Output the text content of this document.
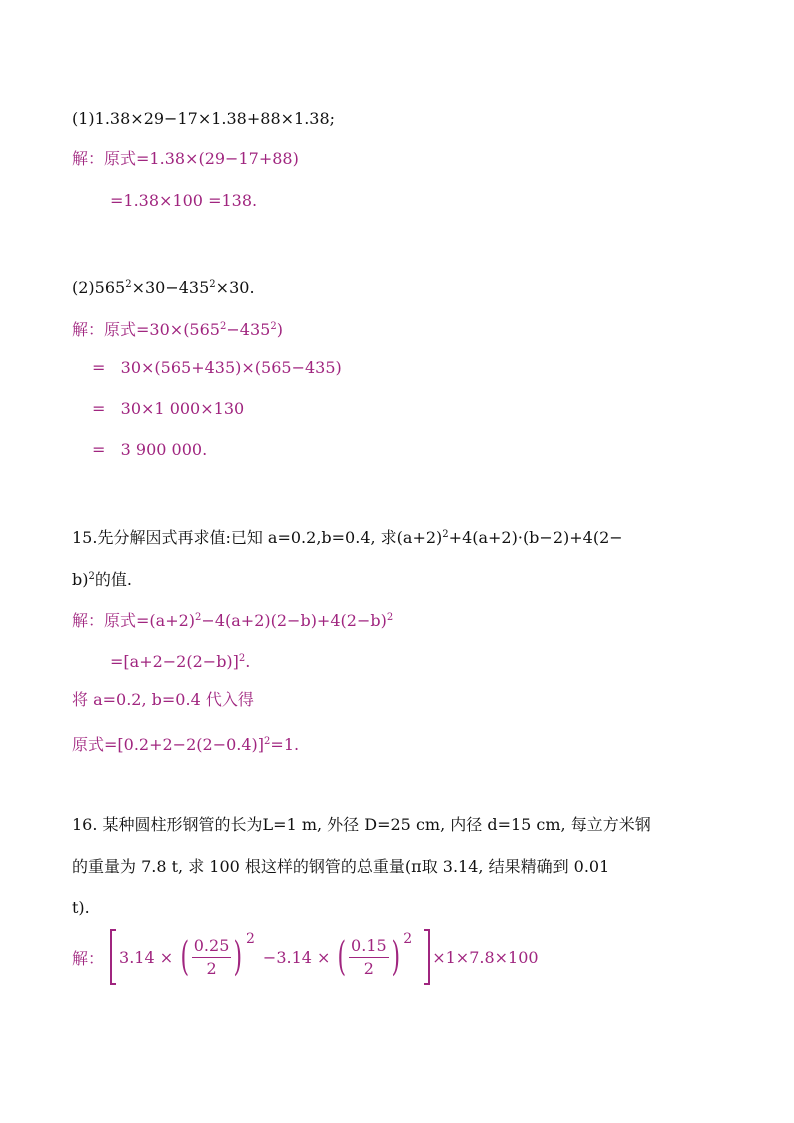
(1)1.38×29−17×1.38+88×1.38;
解：原式=1.38×(29−17+88)
=1.38×100 =138.
$(2)565^2\times 30-435^2\times 30$.
解：原式$=30\times(565^2-435^2)$
=   30×(565+435)×(565−435)
=   30×1 000×130
=   3 900 000.
15.先分解因式再求值:已知 a=0.2,b=0.4, 求$(a+2)^2+4(a+2)\cdot(b-2)+4(2-$
b)$^2$的值.
解：原式$=(a+2)^2-4(a+2)(2-b)+4(2-b)^2$
$=[a+2-2(2-b)]^2$.
将 a=0.2, b=0.4 代入得
原式$=[0.2+2-2(2-0.4)]^2=1$.
16. 某种圆柱形钢管的长为L=1 m, 外径 D=25 cm, 内径 d=15 cm, 每立方米钢
的重量为 7.8 t, 求 100 根这样的钢管的总重量(π取 3.14, 结果精确到 0.01
t).
解： 3.14 × ( $\frac{0.25}{2}$ ) 2
−3.14 × ( $\frac{0.15}{2}$ ) 2
×1×7.8×100
